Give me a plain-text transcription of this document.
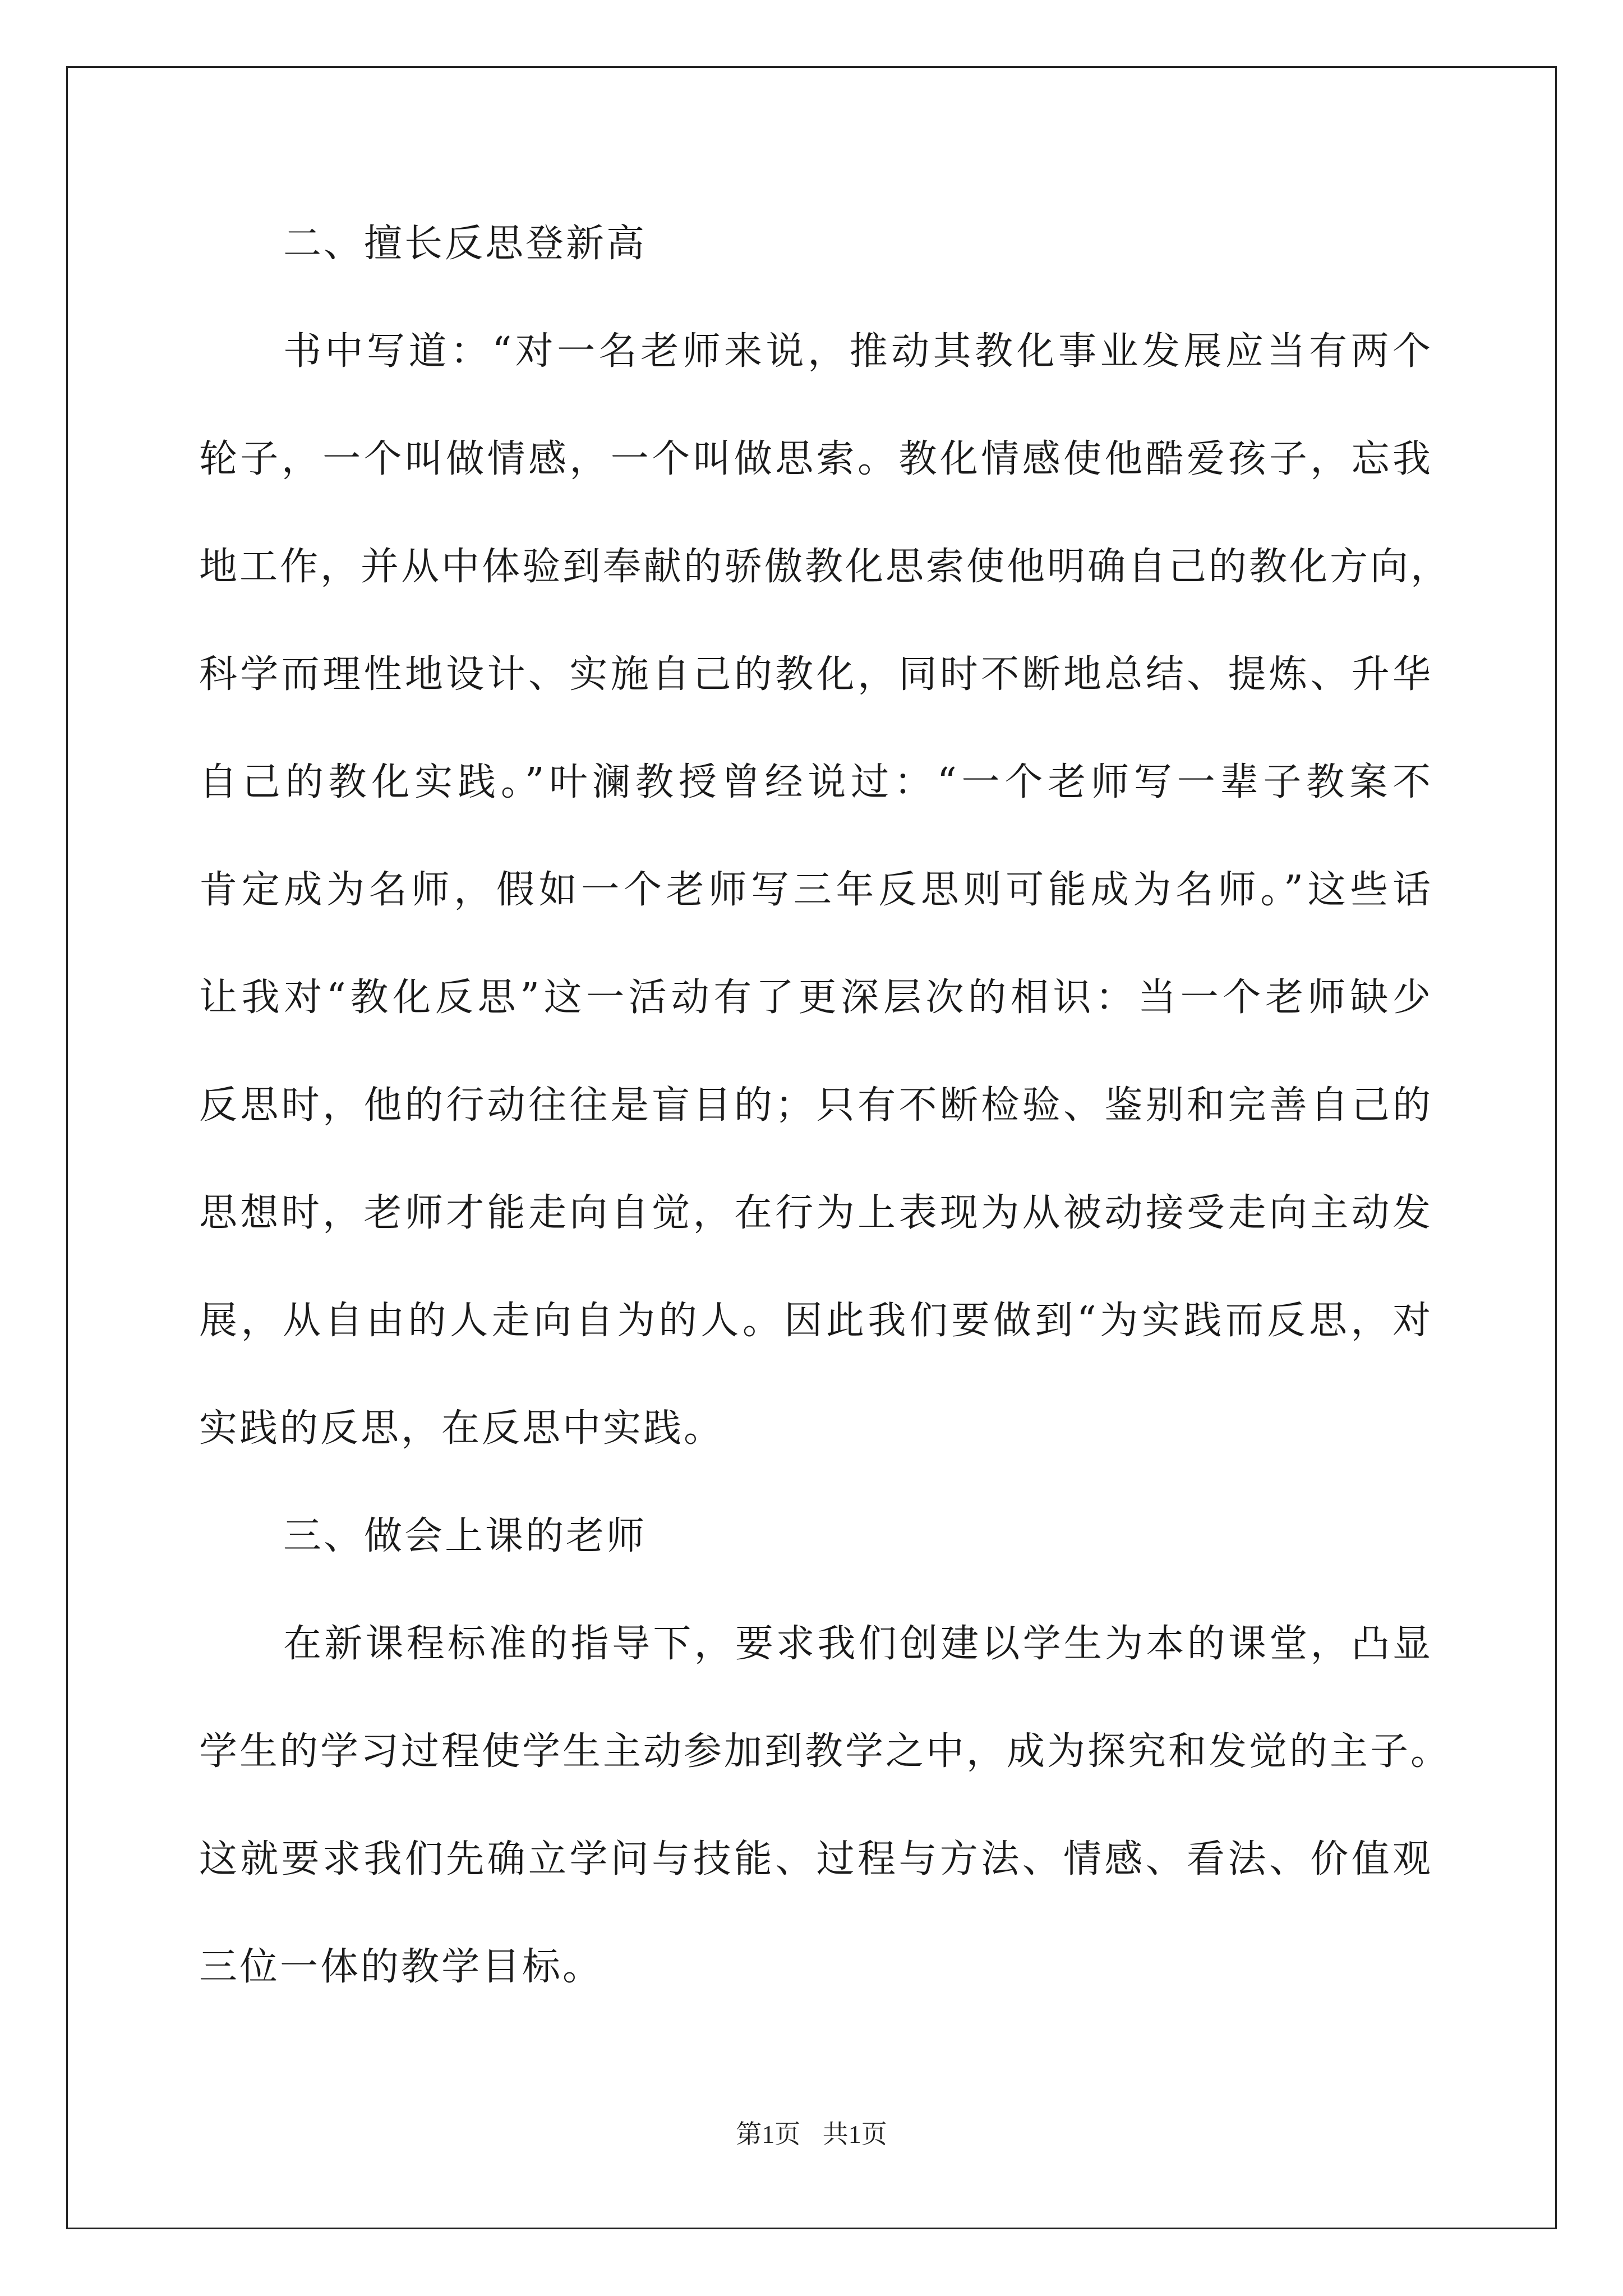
二、擅长反思登新高
书中写道：“对一名老师来说，推动其教化事业发展应当有两个
轮子，一个叫做情感，一个叫做思索。教化情感使他酷爱孩子，忘我
地工作，并从中体验到奉献的骄傲教化思索使他明确自己的教化方向，
科学而理性地设计、实施自己的教化，同时不断地总结、提炼、升华
自己的教化实践。”叶澜教授曾经说过：“一个老师写一辈子教案不
肯定成为名师，假如一个老师写三年反思则可能成为名师。”这些话
让我对“教化反思”这一活动有了更深层次的相识：当一个老师缺少
反思时，他的行动往往是盲目的；只有不断检验、鉴别和完善自己的
思想时，老师才能走向自觉，在行为上表现为从被动接受走向主动发
展，从自由的人走向自为的人。因此我们要做到“为实践而反思，对
实践的反思，在反思中实践。
三、做会上课的老师
在新课程标准的指导下，要求我们创建以学生为本的课堂，凸显
学生的学习过程使学生主动参加到教学之中，成为探究和发觉的主子。
这就要求我们先确立学问与技能、过程与方法、情感、看法、价值观
三位一体的教学目标。
第1页 共1页
